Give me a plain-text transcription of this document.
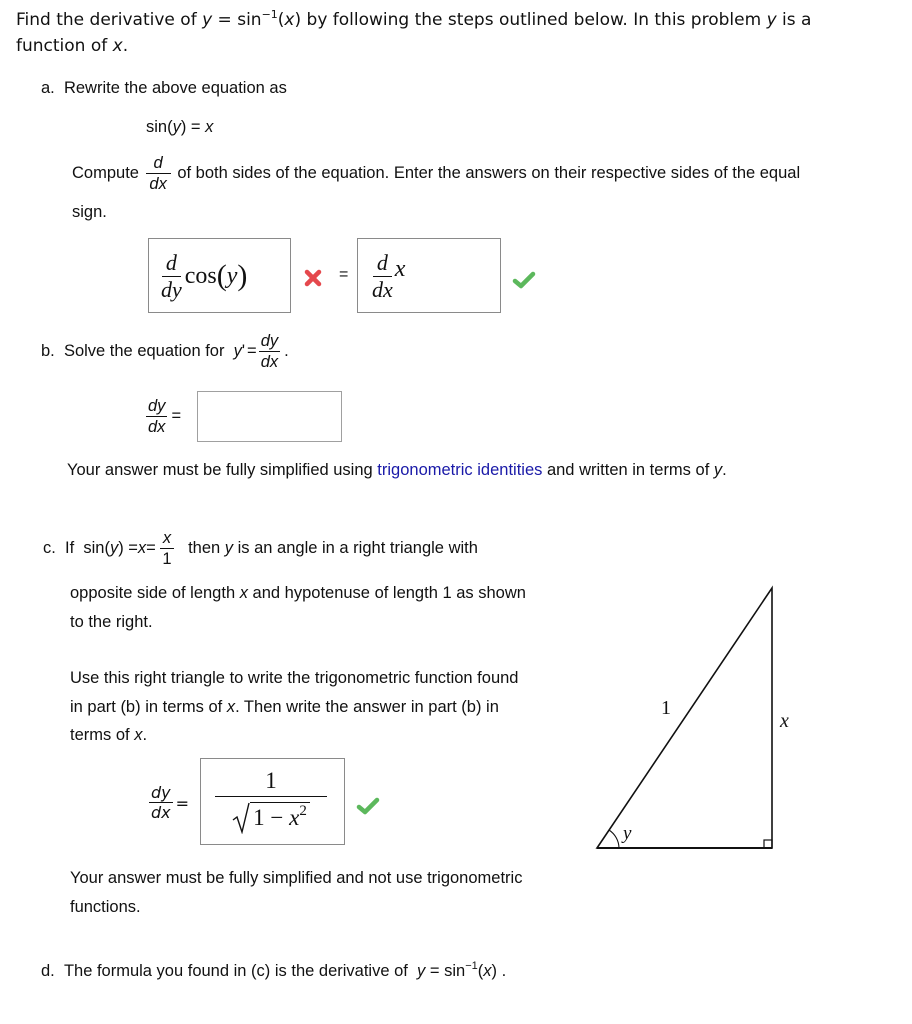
Find the derivative of $y = \sin^{-1}(x)$ by following the steps outlined below. In this problem y is a
function of x.
a. Rewrite the above equation as
sin(y) = x
Compute $\frac{d}{dx}$ of both sides of the equation. Enter the answers on their respective sides of the equal
sign.
$\frac{d}{dy}$ cos ( y )	= $\frac{d}{dx}$ x
b.
Solve the equation for
y ' = $\frac{dy}{dx}$ .
$\frac{dy}{dx}$ =
Your answer must be fully simplified using trigonometric identities and written in terms of y.
c.
If
sin( y ) = $x = \frac{x}{1}$ then y is an angle in a right triangle with
opposite side of length x and hypotenuse of length 1 as shown
to the right.
Use this right triangle to write the trigonometric function found
in part (b) in terms of x. Then write the answer in part (b) in
terms of x.
$\frac{dy}{dx}$ =
1
$1 - x^2$
Your answer must be fully simplified and not use trigonometric
functions.
1
x
y
d. The formula you found in (c) is the derivative of $y = \sin^{-1}(x)$ .
